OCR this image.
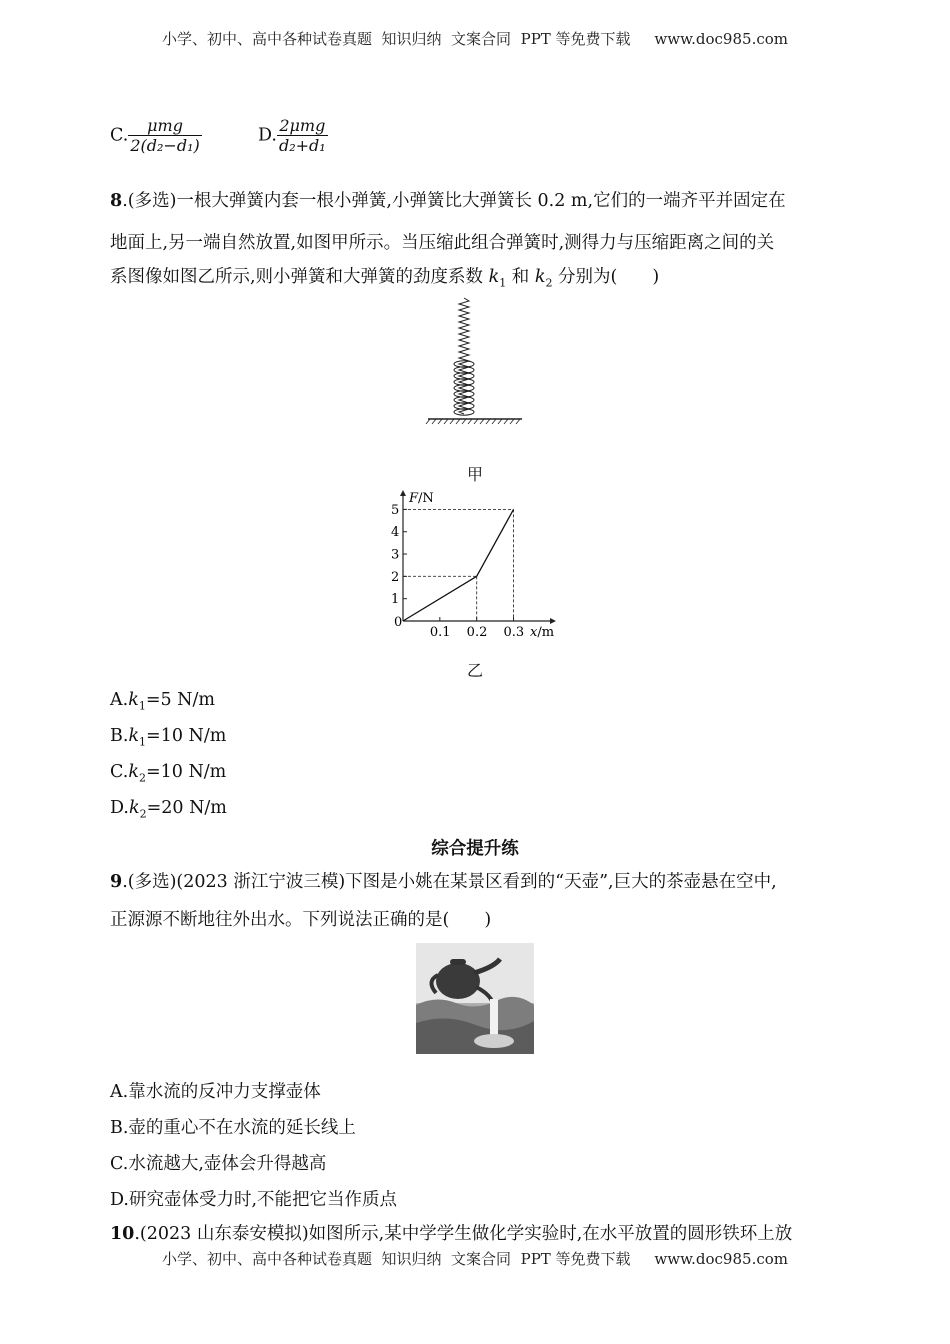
小学、初中、高中各种试卷真题  知识归纳  文案合同  PPT 等免费下载     www.doc985.com
C. $\frac{\text{μmg}}{\text{2(d₂−d₁)}}$	D. $\frac{\text{2μmg}}{\text{d₂+d₁}}$
8.(多选)一根大弹簧内套一根小弹簧,小弹簧比大弹簧长 0.2 m,它们的一端齐平并固定在
地面上,另一端自然放置,如图甲所示。当压缩此组合弹簧时,测得力与压缩距离之间的关
系图像如图乙所示,则小弹簧和大弹簧的劲度系数 $k_1$ 和 $k_2$ 分别为(　　)
甲
1
2
3
4
5
0.1 0.2 0.3
F/N
x/m
0
乙
$A.k_1=5$ N/m
$B.k_1=10$ N/m
$C.k_2=10$ N/m
$D.k_2=20$ N/m
综合提升练
9.(多选)(2023 浙江宁波三模)下图是小姚在某景区看到的“天壶”,巨大的茶壶悬在空中,
正源源不断地往外出水。下列说法正确的是(　　)
A.靠水流的反冲力支撑壶体
B.壶的重心不在水流的延长线上
C.水流越大,壶体会升得越高
D.研究壶体受力时,不能把它当作质点
10.(2023 山东泰安模拟)如图所示,某中学学生做化学实验时,在水平放置的圆形铁环上放
小学、初中、高中各种试卷真题  知识归纳  文案合同  PPT 等免费下载     www.doc985.com
